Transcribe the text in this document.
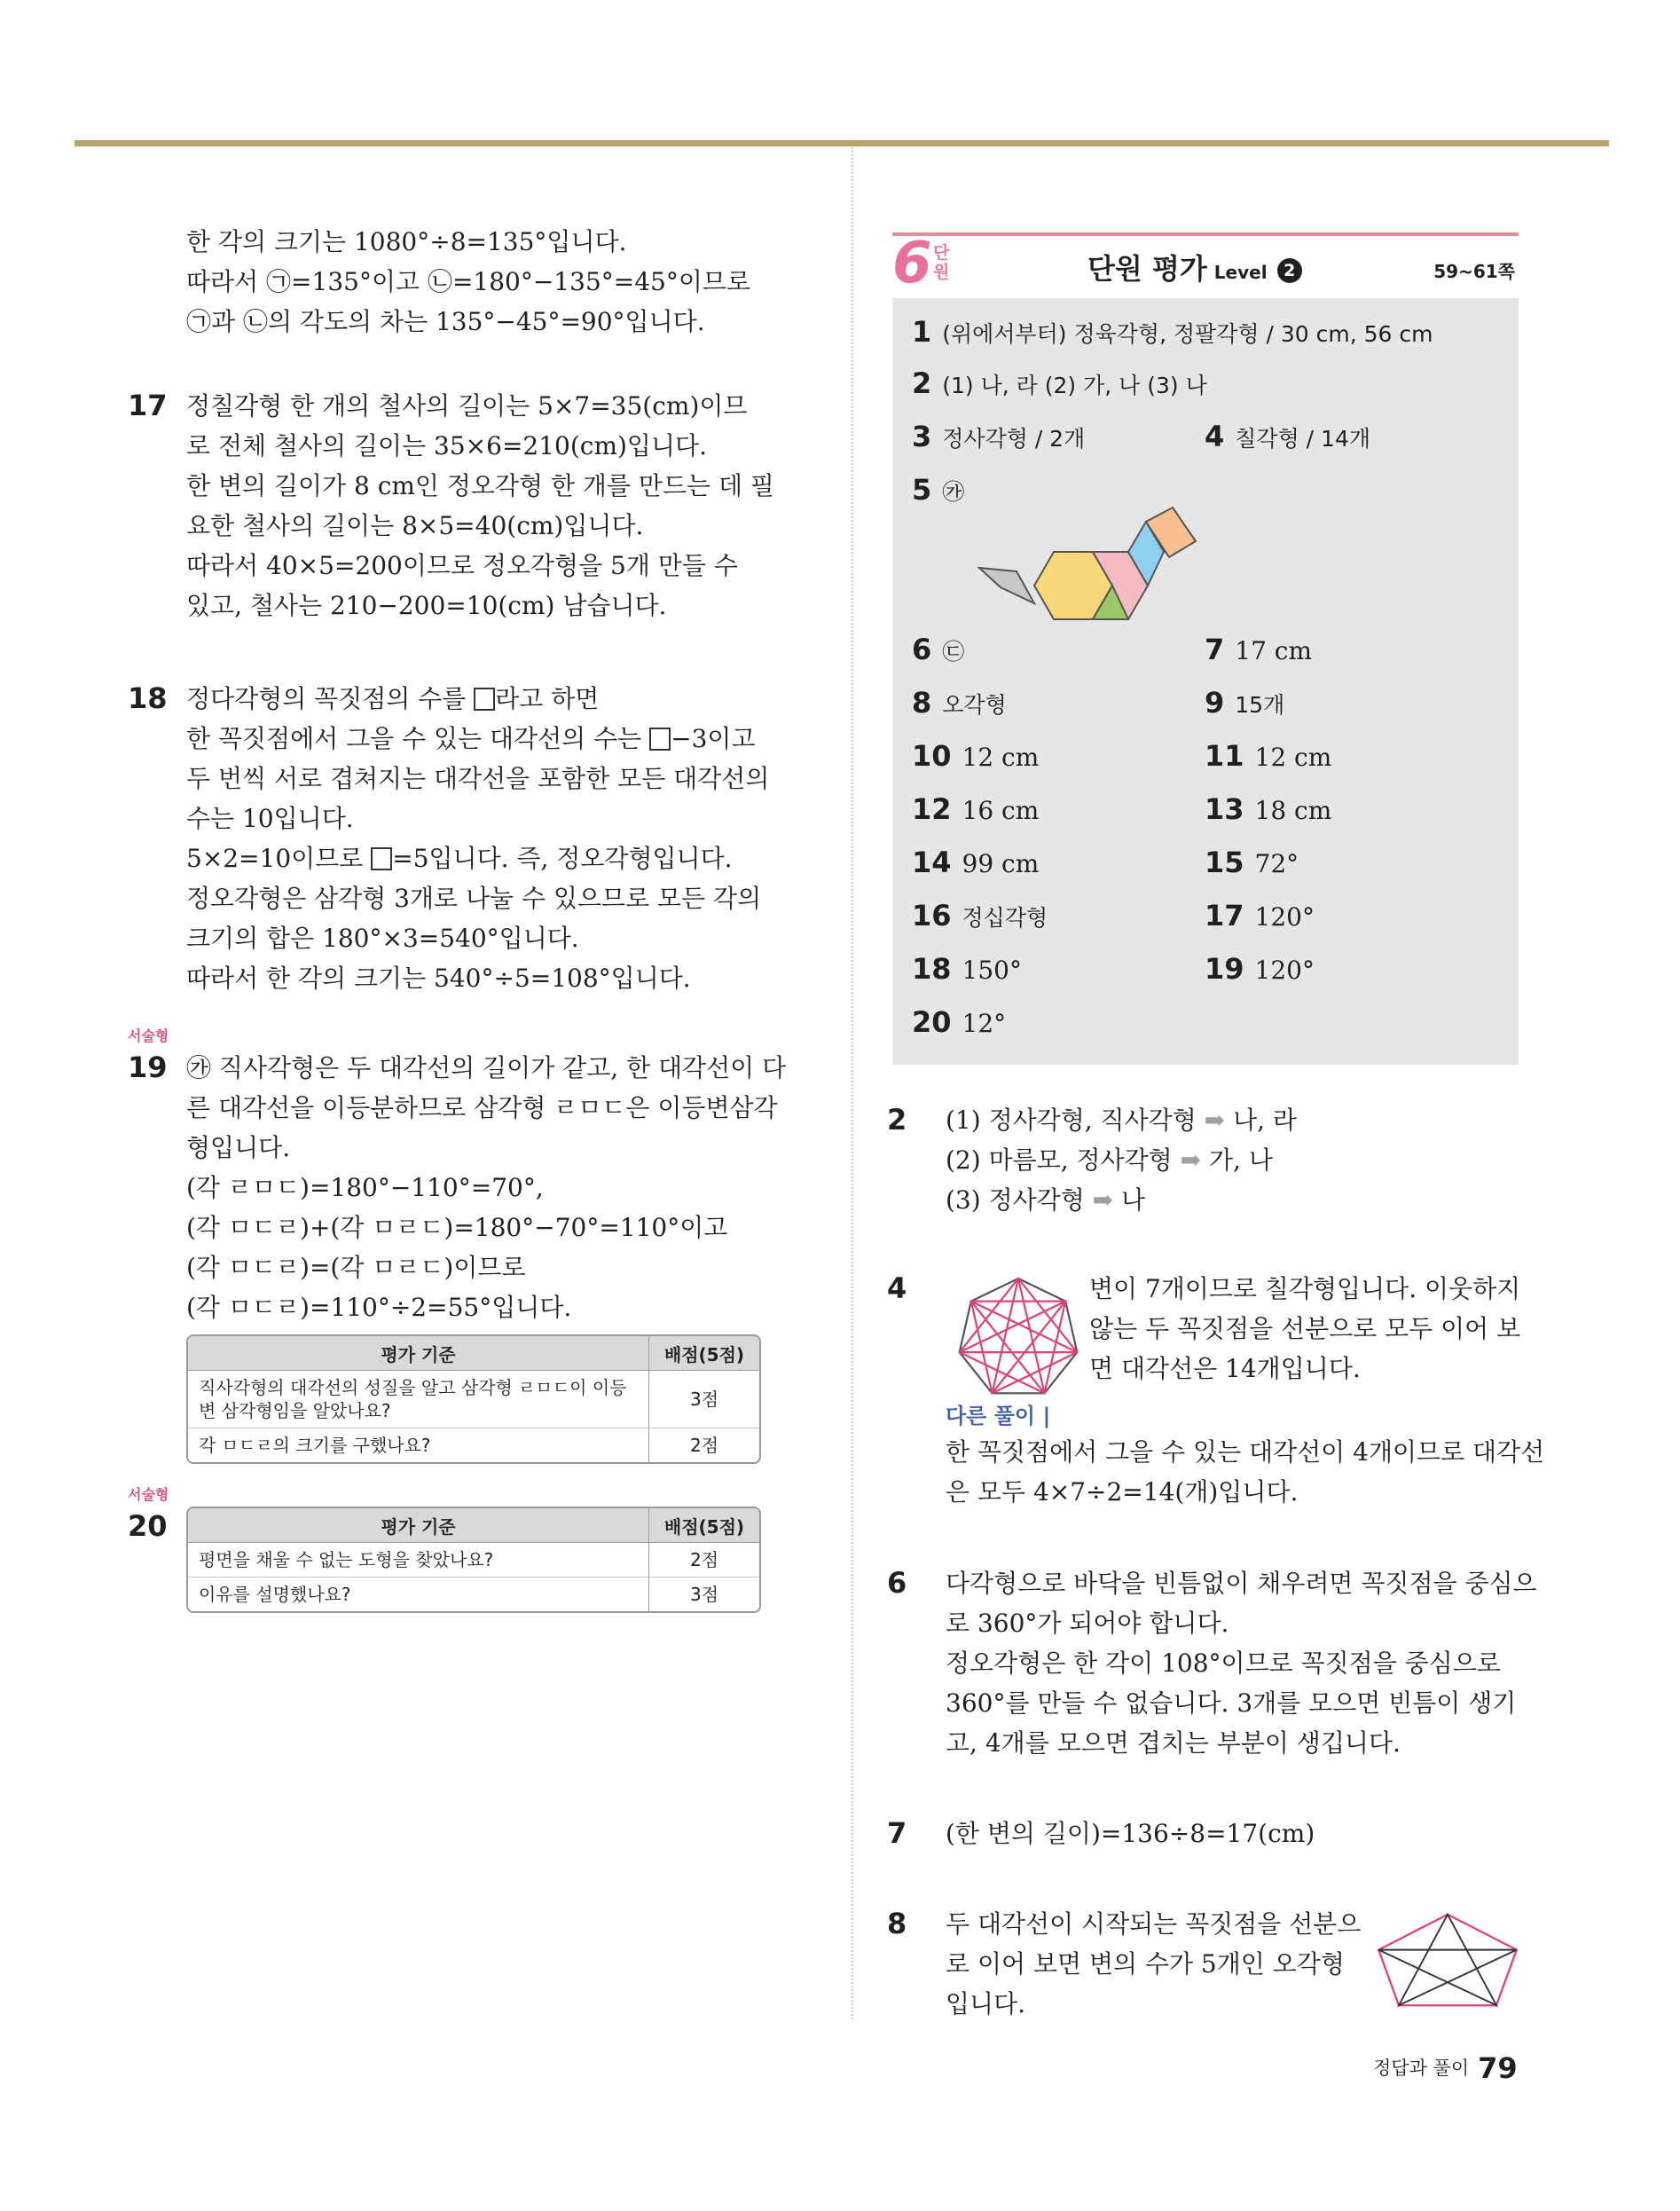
한 각의 크기는 1080°÷8=135°입니다.

따라서 ㉠=135°이고 ㉡=180°−135°=45°이므로

㉠과 ㉡의 각도의 차는 135°−45°=90°입니다.

17 정칠각형 한 개의 철사의 길이는 5×7=35(cm)이므

로 전체 철사의 길이는 35×6=210(cm)입니다.

한 변의 길이가 8 cm인 정오각형 한 개를 만드는 데 필

요한 철사의 길이는 8×5=40(cm)입니다.

따라서 40×5=200이므로 정오각형을 5개 만들 수

있고, 철사는 210−200=10(cm) 남습니다.

18 정다각형의 꼭짓점의 수를 라고 하면

한 꼭짓점에서 그을 수 있는 대각선의 수는 −3이고

두 번씩 서로 겹쳐지는 대각선을 포함한 모든 대각선의

수는 10입니다.

5×2=10이므로 =5입니다. 즉, 정오각형입니다.

정오각형은 삼각형 3개로 나눌 수 있으므로 모든 각의

크기의 합은 180°×3=540°입니다.

따라서 한 각의 크기는 540°÷5=108°입니다.

서술형
19 ㉮ 직사각형은 두 대각선의 길이가 같고, 한 대각선이 다

른 대각선을 이등분하므로 삼각형 ㄹㅁㄷ은 이등변삼각

형입니다.

(각 ㄹㅁㄷ)=180°−110°=70°,

(각 ㅁㄷㄹ)+(각 ㅁㄹㄷ)=180°−70°=110°이고

(각 ㅁㄷㄹ)=(각 ㅁㄹㄷ)이므로

(각 ㅁㄷㄹ)=110°÷2=55°입니다.

평가 기준	배점(5점)
직사각형의 대각선의 성질을 알고 삼각형 ㄹㅁㄷ이 이등변 삼각형임을 알았나요?	3점
각 ㅁㄷㄹ의 크기를 구했나요?	2점
서술형
20	평가 기준	배점(5점)
평면을 채울 수 없는 도형을 찾았나요?	2점
이유를 설명했나요?	3점
6 단원	단원 평가 Level 2	59~61쪽
1 (위에서부터) 정육각형, 정팔각형 / 30 cm, 56 cm
2 (1) 나, 라 (2) 가, 나 (3) 나
3 정사각형 / 2개	4 칠각형 / 14개
5 ㉮
6 ㉢	7 17 cm
8 오각형	9 15개
10 12 cm	11 12 cm
12 16 cm	13 18 cm
14 99 cm	15 72°
16 정십각형	17 120°
18 150°	19 120°
20 12°
2 (1) 정사각형, 직사각형 ➡ 나, 라

(2) 마름모, 정사각형 ➡ 가, 나

(3) 정사각형 ➡ 나

4	변이 7개이므로 칠각형입니다. 이웃하지

않는 두 꼭짓점을 선분으로 모두 이어 보

면 대각선은 14개입니다.

다른 풀이 |

한 꼭짓점에서 그을 수 있는 대각선이 4개이므로 대각선

은 모두 4×7÷2=14(개)입니다.

6 다각형으로 바닥을 빈틈없이 채우려면 꼭짓점을 중심으

로 360°가 되어야 합니다.

정오각형은 한 각이 108°이므로 꼭짓점을 중심으로

360°를 만들 수 없습니다. 3개를 모으면 빈틈이 생기

고, 4개를 모으면 겹치는 부분이 생깁니다.

7 (한 변의 길이)=136÷8=17(cm)

8 두 대각선이 시작되는 꼭짓점을 선분으

로 이어 보면 변의 수가 5개인 오각형

입니다.

정답과 풀이 79
